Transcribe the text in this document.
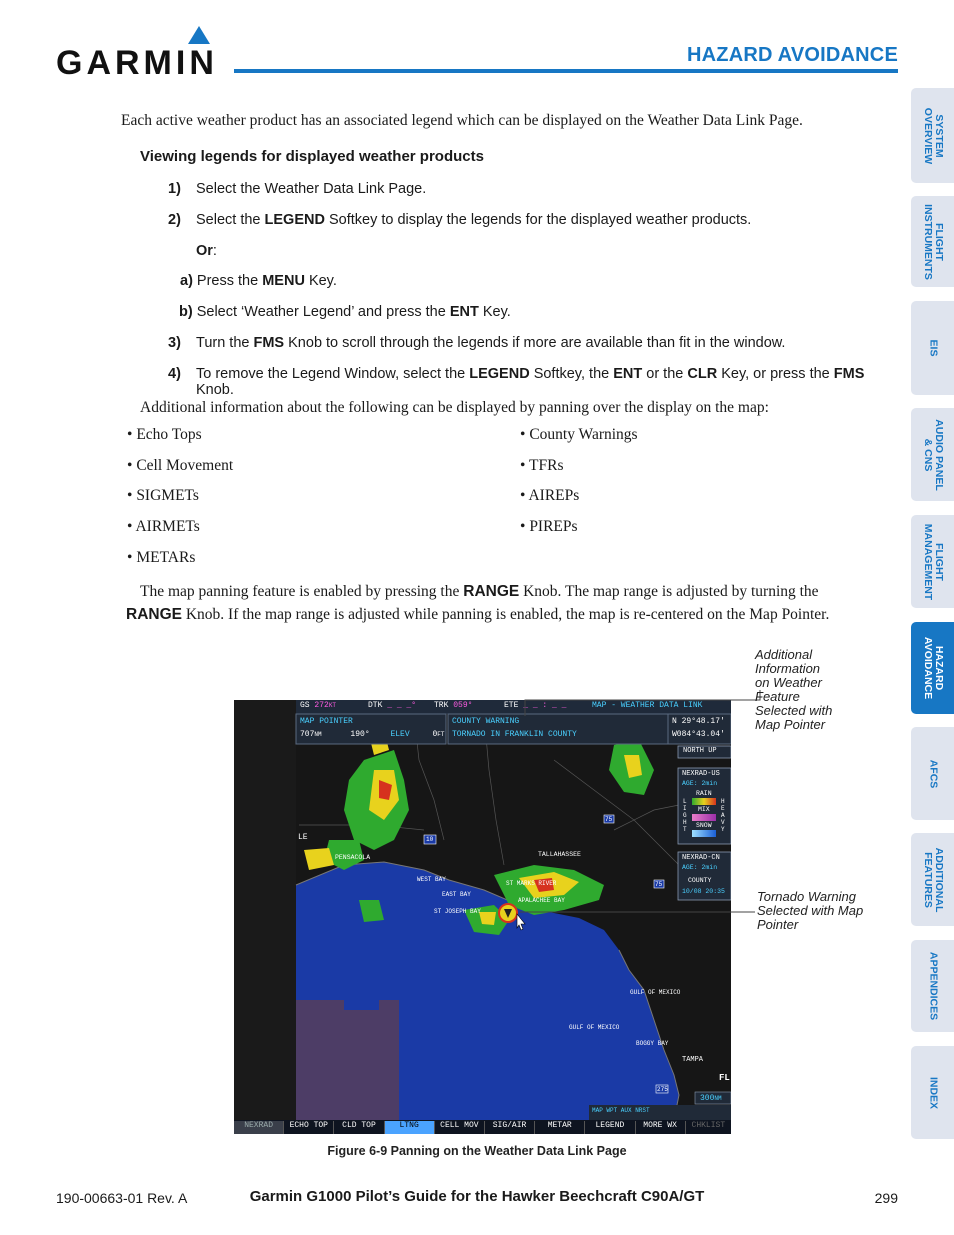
GARMIN	HAZARD AVOIDANCE
Each active weather product has an associated legend which can be displayed on the Weather Data Link Page.
Viewing legends for displayed weather products
1) Select the Weather Data Link Page.
2) Select the LEGEND Softkey to display the legends for the displayed weather products.
Or:
a) Press the MENU Key.
b) Select ‘Weather Legend’ and press the ENT Key.
3) Turn the FMS Knob to scroll through the legends if more are available than fit in the window.
4) To remove the Legend Window, select the LEGEND Softkey, the ENT or the CLR Key, or press the FMS Knob.
Additional information about the following can be displayed by panning over the display on the map:
• Echo Tops
• Cell Movement
• SIGMETs
• AIRMETs
• METARs
• County Warnings
• TFRs
• AIREPs
• PIREPs
The map panning feature is enabled by pressing the RANGE Knob. The map range is adjusted by turning the RANGE Knob. If the map range is adjusted while panning is enabled, the map is re-centered on the Map Pointer.
SYSTEM
OVERVIEW
FLIGHT
INSTRUMENTS
EIS
AUDIO PANEL
& CNS
FLIGHT
MANAGEMENT
HAZARD
AVOIDANCE
AFCS
ADDITIONAL
FEATURES
APPENDICES
INDEX
GS 272KT	DTK _ _ _° TRK 059°	ETE _ _ : _ _	MAP - WEATHER DATA LINK
MAP POINTER
707NM	190°	ELEV	0FT
COUNTY WARNING
TORNADO IN FRANKLIN COUNTY
N 29°48.17'
W084°43.04'
NORTH UP
NEXRAD-US
AGE: 2min
RAIN
MIX
SNOW
LIGHT
HEAVY
NEXRAD-CN
AGE: 2min
COUNTY
10/08 20:35
PENSACOLA	TALLAHASSEE
WEST BAY
EAST BAY
ST JOSEPH BAY
ST MARKS RIVER
APALACHEE BAY
GULF OF MEXICO
GULF OF MEXICO
BOGGY BAY
TAMPA
FL
LE	10
75
75
275
300NM
MAP WPT AUX NRST
NEXRAD	ECHO TOP	CLD TOP	LTNG	CELL MOV	SIG/AIR	METAR	LEGEND	MORE WX	CHKLIST
Additional
Information
on Weather
Feature
Selected with
Map Pointer
Tornado Warning
Selected with Map
Pointer
Figure 6-9 Panning on the Weather Data Link Page
190-00663-01 Rev. A	Garmin G1000 Pilot’s Guide for the Hawker Beechcraft C90A/GT	299
